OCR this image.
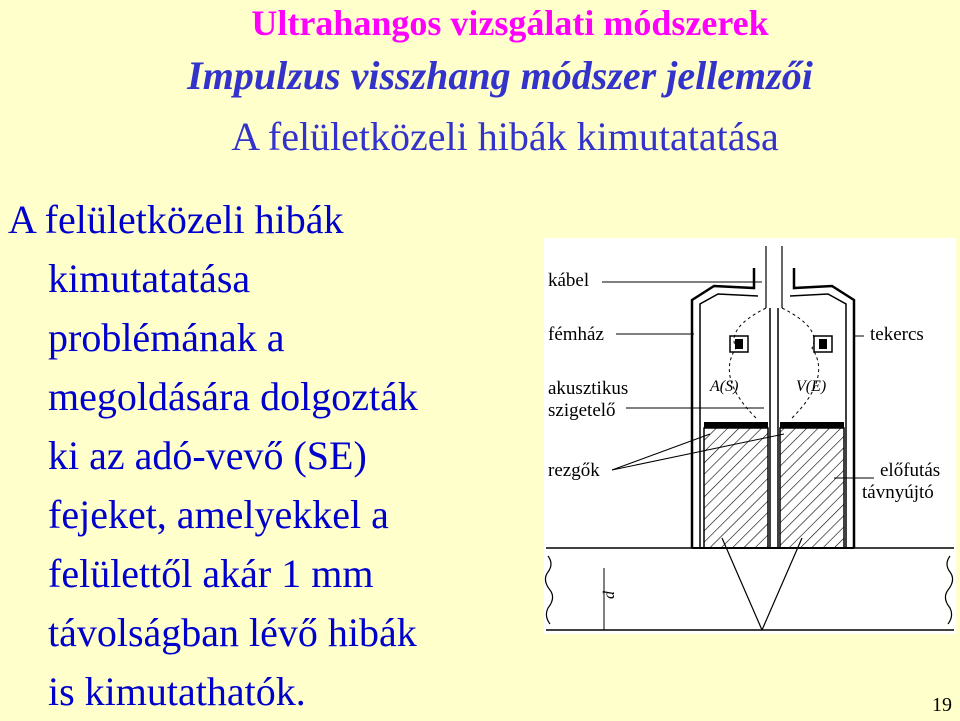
Ultrahangos vizsgálati módszerek
Impulzus visszhang módszer jellemzői
A felületközeli hibák kimutatatása
A felületközeli hibák
kimutatatása
problémának a
megoldására dolgozták
ki az adó-vevő (SE)
fejeket, amelyekkel a
felülettől akár 1 mm
távolságban lévő hibák
is kimutathatók.
kábel
fémház
akusztikus
szigetelő
rezgők
tekercs
előfutás
távnyújtó
A(S)	V(E)
d
19
